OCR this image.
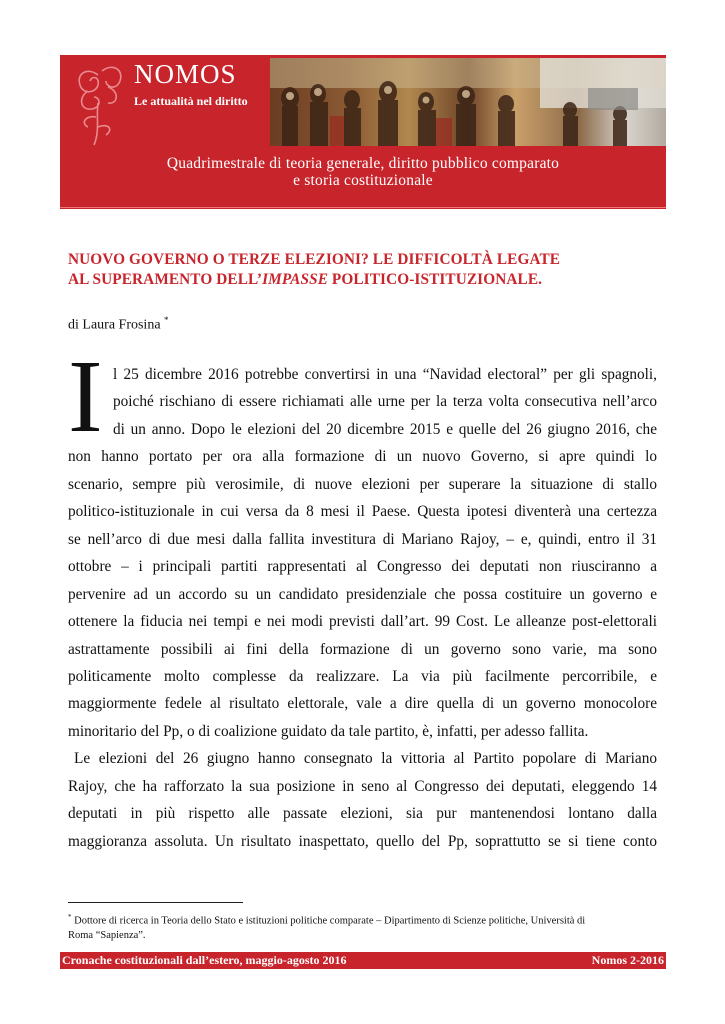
NOMOS
Le attualità nel diritto
Quadrimestrale di teoria generale, diritto pubblico comparato
e storia costituzionale
NUOVO GOVERNO O TERZE ELEZIONI? LE DIFFICOLTÀ LEGATE
AL SUPERAMENTO DELL’IMPASSE POLITICO-ISTITUZIONALE.
di Laura Frosina *
I l 25 dicembre 2016 potrebbe convertirsi in una “Navidad electoral” per gli spagnoli,
poiché rischiano di essere richiamati alle urne per la terza volta consecutiva nell’arco
di un anno. Dopo le elezioni del 20 dicembre 2015 e quelle del 26 giugno 2016, che
non hanno portato per ora alla formazione di un nuovo Governo, si apre quindi lo
scenario, sempre più verosimile, di nuove elezioni per superare la situazione di stallo
politico-istituzionale in cui versa da 8 mesi il Paese. Questa ipotesi diventerà una certezza
se nell’arco di due mesi dalla fallita investitura di Mariano Rajoy, – e, quindi, entro il 31
ottobre – i principali partiti rappresentati al Congresso dei deputati non riusciranno a
pervenire ad un accordo su un candidato presidenziale che possa costituire un governo e
ottenere la fiducia nei tempi e nei modi previsti dall’art. 99 Cost. Le alleanze post-elettorali
astrattamente possibili ai fini della formazione di un governo sono varie, ma sono
politicamente molto complesse da realizzare. La via più facilmente percorribile, e
maggiormente fedele al risultato elettorale, vale a dire quella di un governo monocolore
minoritario del Pp, o di coalizione guidato da tale partito, è, infatti, per adesso fallita.

Le elezioni del 26 giugno hanno consegnato la vittoria al Partito popolare di Mariano
Rajoy, che ha rafforzato la sua posizione in seno al Congresso dei deputati, eleggendo 14
deputati in più rispetto alle passate elezioni, sia pur mantenendosi lontano dalla
maggioranza assoluta. Un risultato inaspettato, quello del Pp, soprattutto se si tiene conto

* Dottore di ricerca in Teoria dello Stato e istituzioni politiche comparate – Dipartimento di Scienze politiche, Università di
Roma “Sapienza”.
Cronache costituzionali dall’estero, maggio-agosto 2016	Nomos 2-2016
